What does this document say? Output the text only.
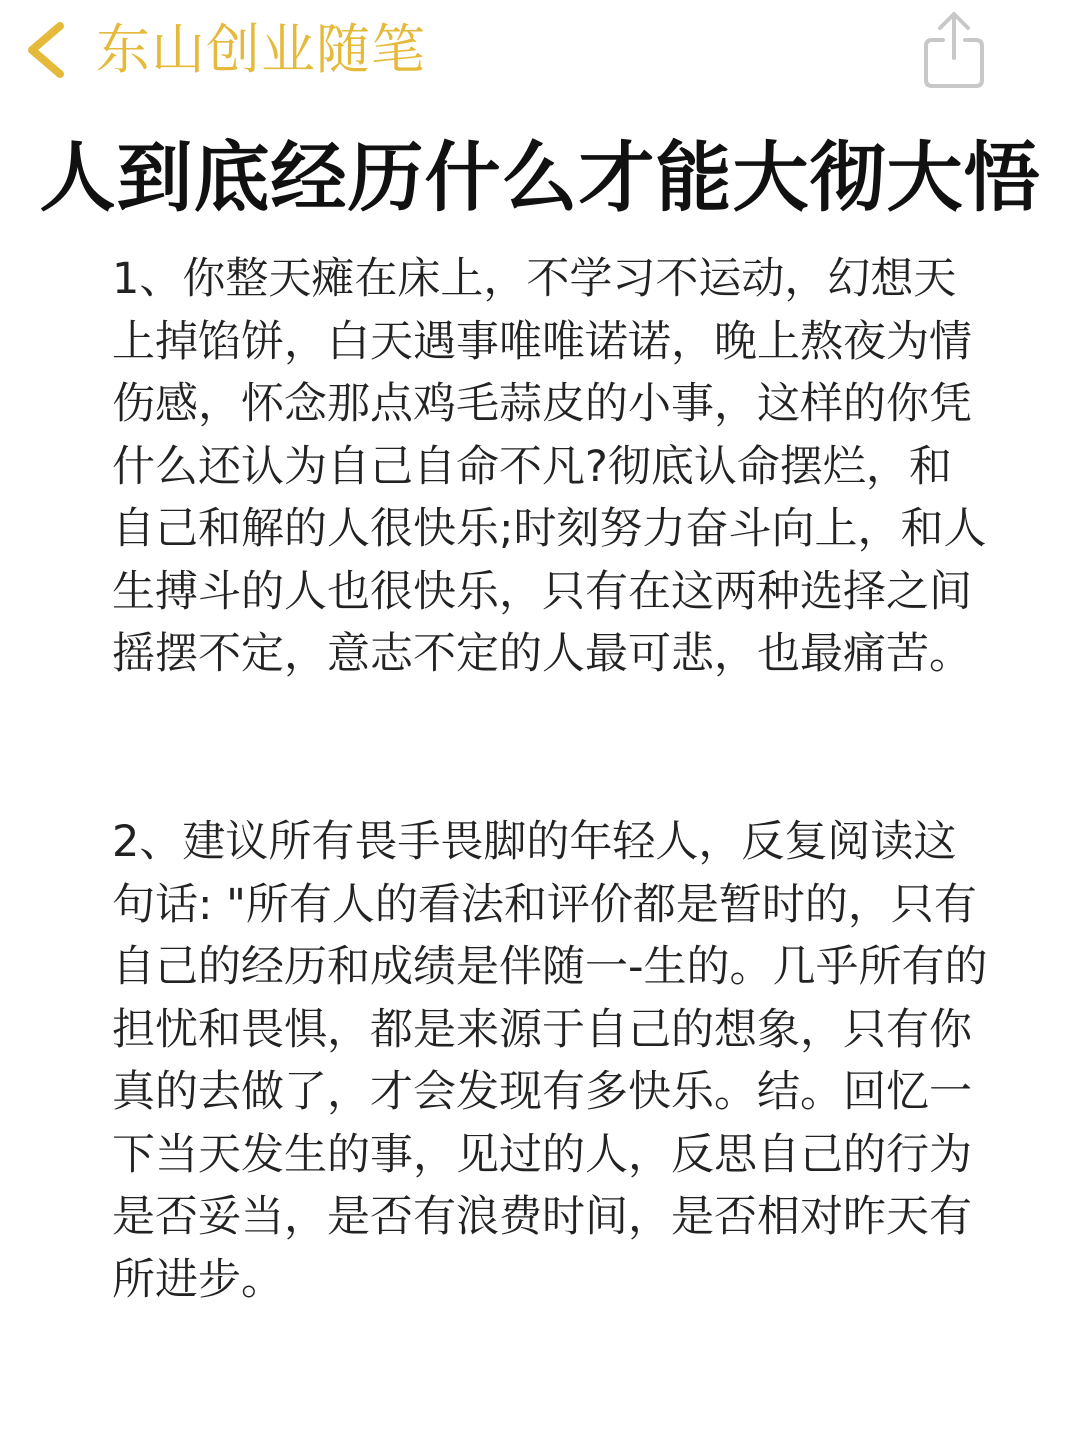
东山创业随笔
人到底经历什么才能大彻大悟

1、你整天瘫在床上，不学习不运动，幻想天上掉馅饼，白天遇事唯唯诺诺，晚上熬夜为情伤感，怀念那点鸡毛蒜皮的小事，这样的你凭什么还认为自己自命不凡?彻底认命摆烂，和自己和解的人很快乐;时刻努力奋斗向上，和人生搏斗的人也很快乐，只有在这两种选择之间摇摆不定，意志不定的人最可悲，也最痛苦。

2、建议所有畏手畏脚的年轻人，反复阅读这句话: "所有人的看法和评价都是暂时的，只有自己的经历和成绩是伴随一-生的。几乎所有的担忧和畏惧，都是来源于自己的想象，只有你真的去做了，才会发现有多快乐。结。回忆一下当天发生的事，见过的人，反思自己的行为是否妥当，是否有浪费时间，是否相对昨天有所进步。
